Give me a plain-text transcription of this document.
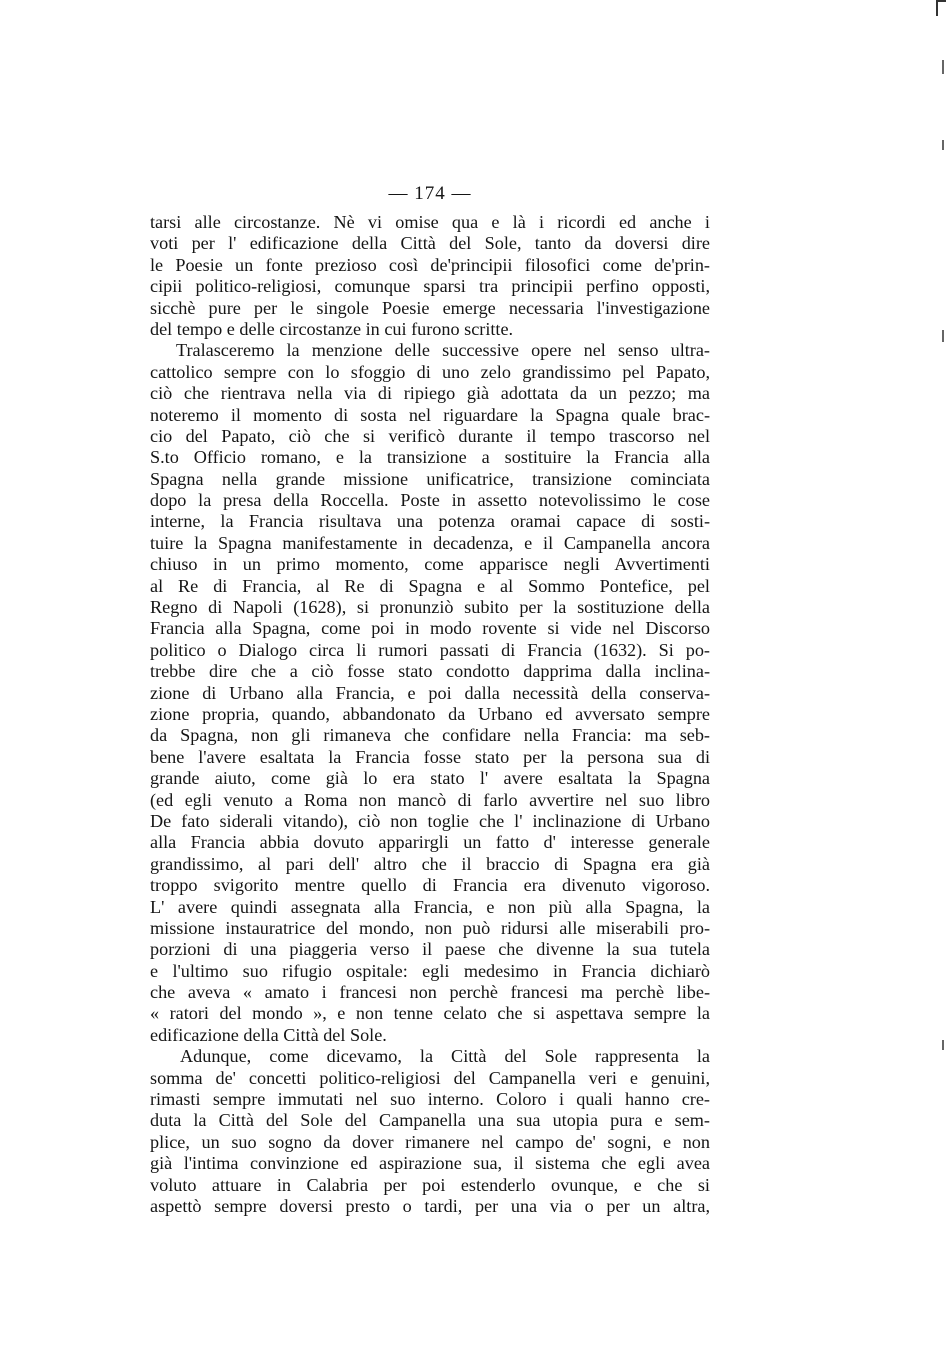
— 174 —
tarsi alle circostanze. Nè vi omise qua e là i ricordi ed anche i
voti per l' edificazione della Città del Sole, tanto da doversi dire
le Poesie un fonte prezioso così de'principii filosofici come de'prin-
cipii politico-religiosi, comunque sparsi tra principii perfino opposti,
sicchè pure per le singole Poesie emerge necessaria l'investigazione
del tempo e delle circostanze in cui furono scritte.
Tralasceremo la menzione delle successive opere nel senso ultra-
cattolico sempre con lo sfoggio di uno zelo grandissimo pel Papato,
ciò che rientrava nella via di ripiego già adottata da un pezzo; ma
noteremo il momento di sosta nel riguardare la Spagna quale brac-
cio del Papato, ciò che si verificò durante il tempo trascorso nel
S.to Officio romano, e la transizione a sostituire la Francia alla
Spagna nella grande missione unificatrice, transizione cominciata
dopo la presa della Roccella. Poste in assetto notevolissimo le cose
interne, la Francia risultava una potenza oramai capace di sosti-
tuire la Spagna manifestamente in decadenza, e il Campanella ancora
chiuso in un primo momento, come apparisce negli Avvertimenti
al Re di Francia, al Re di Spagna e al Sommo Pontefice, pel
Regno di Napoli (1628), si pronunziò subito per la sostituzione della
Francia alla Spagna, come poi in modo rovente si vide nel Discorso
politico o Dialogo circa li rumori passati di Francia (1632). Si po-
trebbe dire che a ciò fosse stato condotto dapprima dalla inclina-
zione di Urbano alla Francia, e poi dalla necessità della conserva-
zione propria, quando, abbandonato da Urbano ed avversato sempre
da Spagna, non gli rimaneva che confidare nella Francia: ma seb-
bene l'avere esaltata la Francia fosse stato per la persona sua di
grande aiuto, come già lo era stato l' avere esaltata la Spagna
(ed egli venuto a Roma non mancò di farlo avvertire nel suo libro
De fato siderali vitando), ciò non toglie che l' inclinazione di Urbano
alla Francia abbia dovuto apparirgli un fatto d' interesse generale
grandissimo, al pari dell' altro che il braccio di Spagna era già
troppo svigorito mentre quello di Francia era divenuto vigoroso.
L' avere quindi assegnata alla Francia, e non più alla Spagna, la
missione instauratrice del mondo, non può ridursi alle miserabili pro-
porzioni di una piaggeria verso il paese che divenne la sua tutela
e l'ultimo suo rifugio ospitale: egli medesimo in Francia dichiarò
che aveva « amato i francesi non perchè francesi ma perchè libe-
« ratori del mondo », e non tenne celato che si aspettava sempre la
edificazione della Città del Sole.
Adunque, come dicevamo, la Città del Sole rappresenta la
somma de' concetti politico-religiosi del Campanella veri e genuini,
rimasti sempre immutati nel suo interno. Coloro i quali hanno cre-
duta la Città del Sole del Campanella una sua utopia pura e sem-
plice, un suo sogno da dover rimanere nel campo de' sogni, e non
già l'intima convinzione ed aspirazione sua, il sistema che egli avea
voluto attuare in Calabria per poi estenderlo ovunque, e che si
aspettò sempre doversi presto o tardi, per una via o per un altra,
